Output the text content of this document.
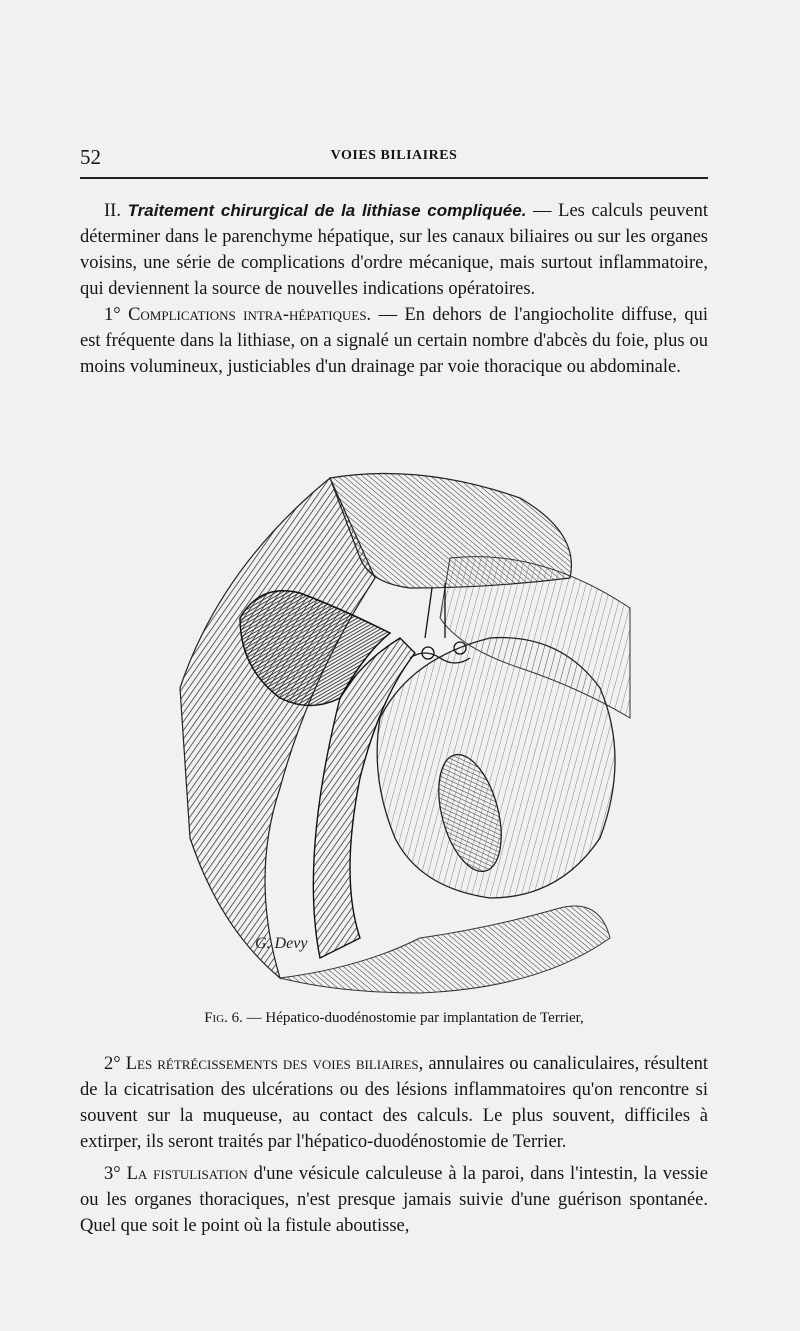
52	VOIES BILIAIRES

II. Traitement chirurgical de la lithiase compliquée. — Les calculs peuvent déterminer dans le parenchyme hépatique, sur les canaux biliaires ou sur les organes voisins, une série de complications d'ordre mécanique, mais surtout inflammatoire, qui deviennent la source de nouvelles indications opératoires.

1° Complications intra-hépatiques. — En dehors de l'angiocholite diffuse, qui est fréquente dans la lithiase, on a signalé un certain nombre d'abcès du foie, plus ou moins volumineux, justiciables d'un drainage par voie thoracique ou abdominale.

G. Devy
Fig. 6. — Hépatico-duodénostomie par implantation de Terrier,

2° Les rétrécissements des voies biliaires, annulaires ou canaliculaires, résultent de la cicatrisation des ulcérations ou des lésions inflammatoires qu'on rencontre si souvent sur la muqueuse, au contact des calculs. Le plus souvent, difficiles à extirper, ils seront traités par l'hépatico-duodénostomie de Terrier.

3° La fistulisation d'une vésicule calculeuse à la paroi, dans l'intestin, la vessie ou les organes thoraciques, n'est presque jamais suivie d'une guérison spontanée. Quel que soit le point où la fistule aboutisse,
